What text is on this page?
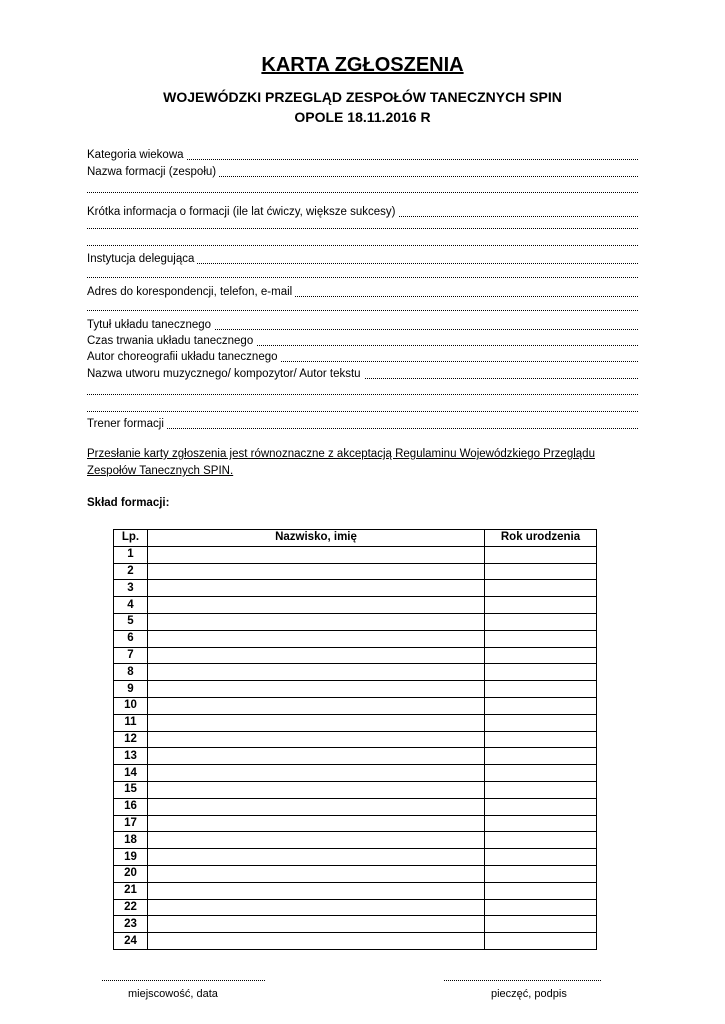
KARTA ZGŁOSZENIA
WOJEWÓDZKI PRZEGLĄD ZESPOŁÓW TANECZNYCH SPIN
OPOLE 18.11.2016 R
Kategoria wiekowa
Nazwa formacji (zespołu)
Krótka informacja o formacji (ile lat ćwiczy, większe sukcesy)
Instytucja delegująca
Adres do korespondencji, telefon, e-mail
Tytuł układu tanecznego
Czas trwania układu tanecznego
Autor choreografii układu tanecznego
Nazwa utworu muzycznego/ kompozytor/ Autor tekstu
Trener formacji
Przesłanie karty zgłoszenia jest równoznaczne z akceptacją Regulaminu Wojewódzkiego Przeglądu Zespołów Tanecznych SPIN.
Skład formacji:
Lp.	Nazwisko, imię	Rok urodzenia
1		
2		
3		
4		
5		
6		
7		
8		
9		
10		
11		
12		
13		
14		
15		
16		
17		
18		
19		
20		
21		
22		
23		
24		
miejscowość, data	pieczęć, podpis
